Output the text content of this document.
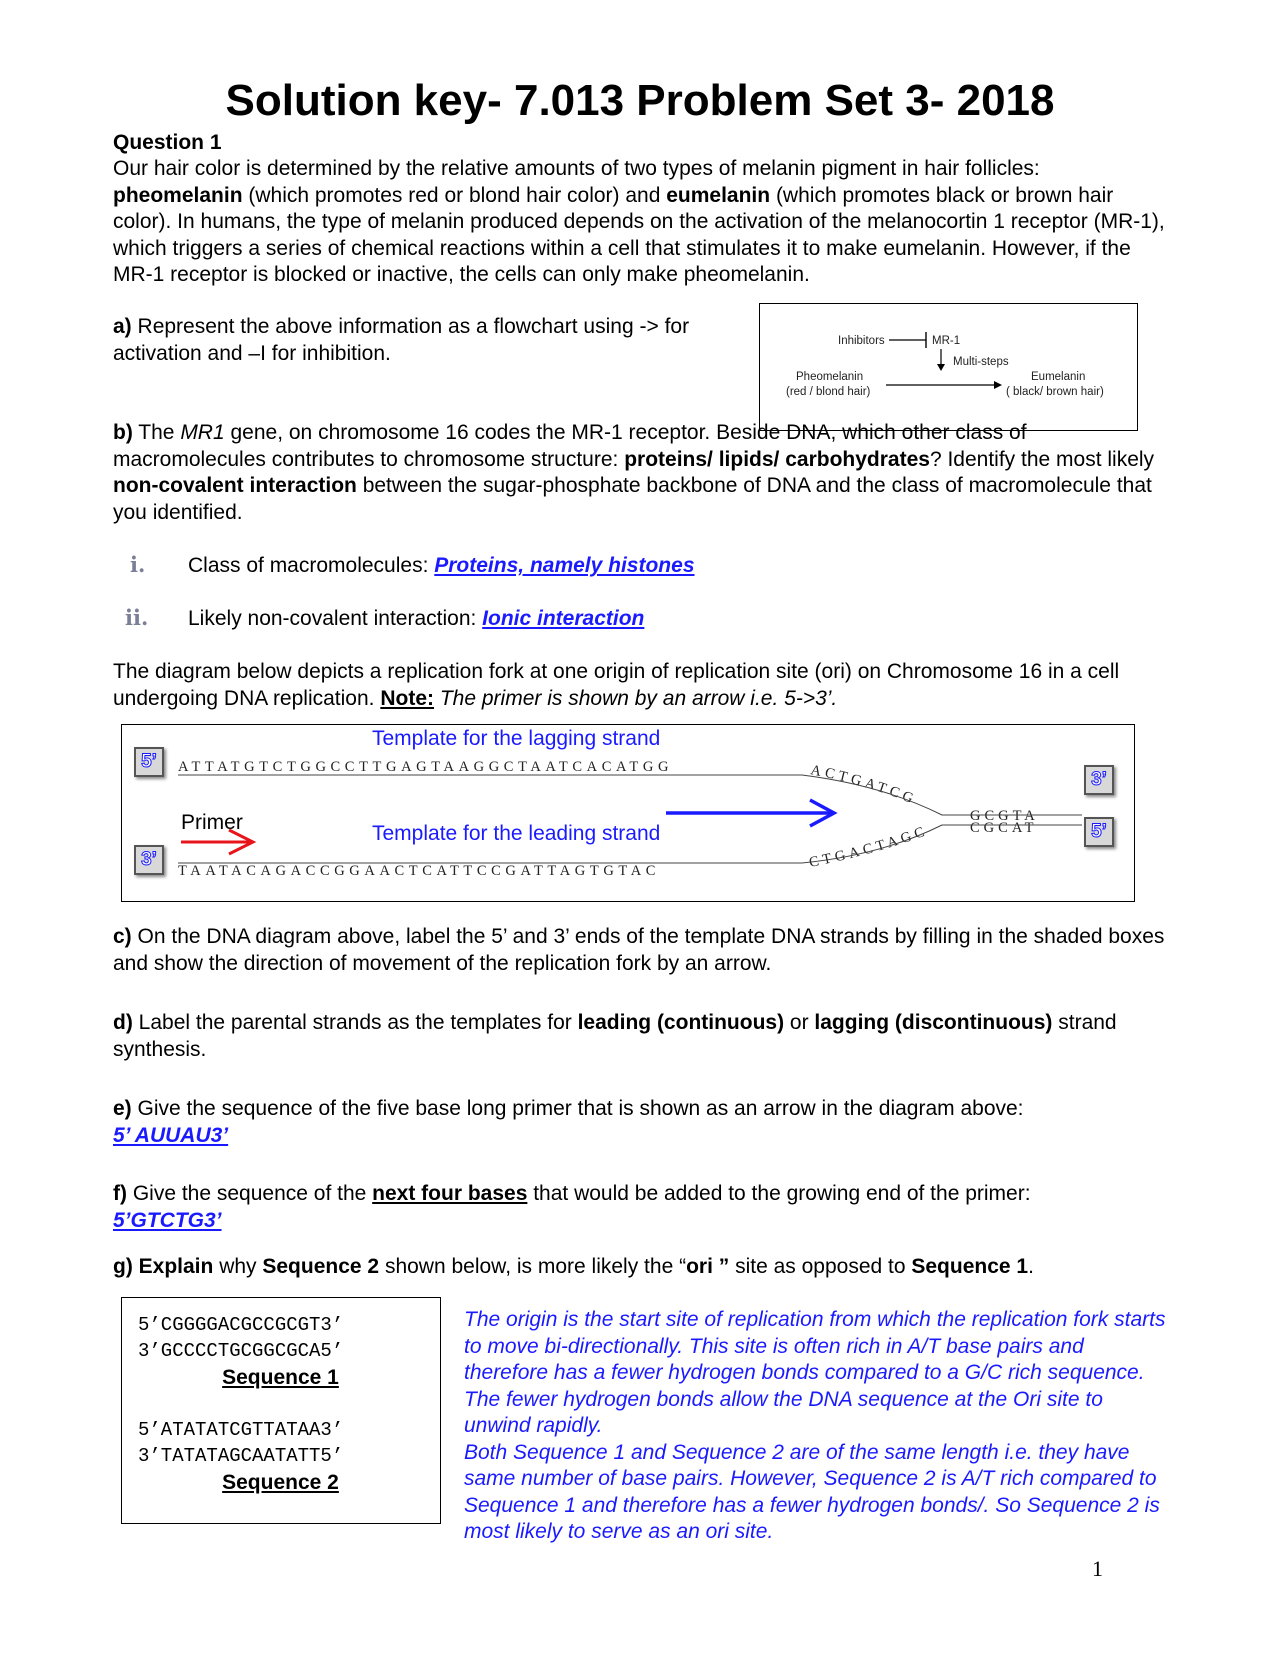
Solution key- 7.013 Problem Set 3- 2018
Question 1
Our hair color is determined by the relative amounts of two types of melanin pigment in hair follicles: pheomelanin (which promotes red or blond hair color) and eumelanin (which promotes black or brown hair color). In humans, the type of melanin produced depends on the activation of the melanocortin 1 receptor (MR-1), which triggers a series of chemical reactions within a cell that stimulates it to make eumelanin. However, if the MR-1 receptor is blocked or inactive, the cells can only make pheomelanin.
a) Represent the above information as a flowchart using -> for activation and –I for inhibition.
Inhibitors	MR-1
Multi-steps
Pheomelanin
(red / blond hair)
Eumelanin
( black/ brown hair)
b) The MR1 gene, on chromosome 16 codes the MR-1 receptor. Beside DNA, which other class of macromolecules contributes to chromosome structure: proteins/ lipids/ carbohydrates? Identify the most likely non-covalent interaction between the sugar-phosphate backbone of DNA and the class of macromolecule that you identified.
i. Class of macromolecules: Proteins, namely histones
ii. Likely non-covalent interaction: Ionic interaction
The diagram below depicts a replication fork at one origin of replication site (ori) on Chromosome 16 in a cell undergoing DNA replication. Note: The primer is shown by an arrow i.e. 5->3’.
Template for the lagging strand
Template for the leading strand
Primer
5’
3’
3’
5’
ATTATGTCTGGCCTTGAGTAAGGCTAATCACATGG	ACTGATCG
GCGTA
TAATACAGACCGGAACTCATTCCGATTAGTGTAC
CTGACTAGC	CGCAT
c) On the DNA diagram above, label the 5’ and 3’ ends of the template DNA strands by filling in the shaded boxes and show the direction of movement of the replication fork by an arrow.
d) Label the parental strands as the templates for leading (continuous) or lagging (discontinuous) strand synthesis.
e) Give the sequence of the five base long primer that is shown as an arrow in the diagram above:
5’ AUUAU3’
f) Give the sequence of the next four bases that would be added to the growing end of the primer:
5’GTCTG3’
g) Explain why Sequence 2 shown below, is more likely the “ori ” site as opposed to Sequence 1.
5’CGGGGACGCCGCGT3’
3’GCCCCTGCGGCGCA5’
Sequence 1
5’ATATATCGTTATAA3’
3’TATATAGCAATATT5’
Sequence 2
The origin is the start site of replication from which the replication fork starts to move bi-directionally. This site is often rich in A/T base pairs and therefore has a fewer hydrogen bonds compared to a G/C rich sequence. The fewer hydrogen bonds allow the DNA sequence at the Ori site to unwind rapidly.
Both Sequence 1 and Sequence 2 are of the same length i.e. they have same number of base pairs. However, Sequence 2 is A/T rich compared to Sequence 1 and therefore has a fewer hydrogen bonds/. So Sequence 2 is most likely to serve as an ori site.
1
